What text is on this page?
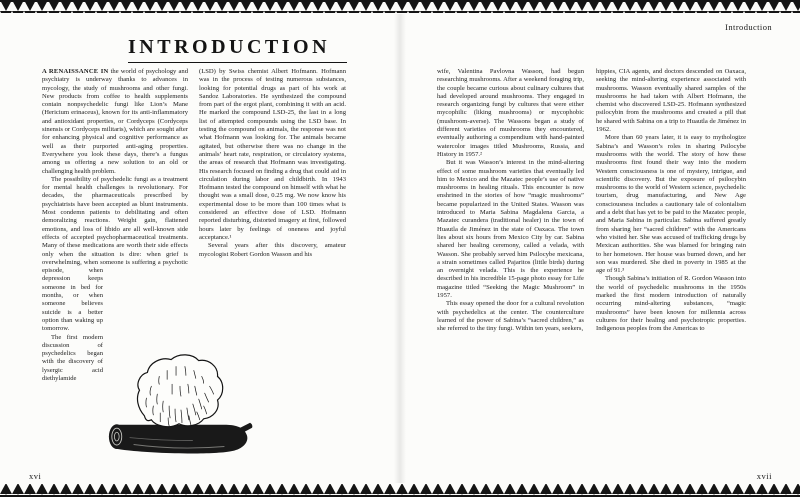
Introduction
INTRODUCTION

A RENAISSANCE IN the world of psychology and psychiatry is underway thanks to advances in mycology, the study of mushrooms and other fungi. New products from coffee to health supplements contain nonpsychedelic fungi like Lion’s Mane (Hericium erinaceus), known for its anti-inflammatory and antioxidant properties, or Cordyceps (Cordyceps sinensis or Cordyceps militaris), which are sought after for enhancing physical and cognitive performance as well as their purported anti-aging properties. Everywhere you look these days, there’s a fungus among us offering a new solution to an old or challenging health problem.

The possibility of psychedelic fungi as a treatment for mental health challenges is revolutionary. For decades, the pharmaceuticals prescribed by psychiatrists have been accepted as blunt instruments. Most condemn patients to debilitating and often demoralizing reactions. Weight gain, flattened emotions, and loss of libido are all well-known side effects of accepted psychopharmaceutical treatments. Many of these medications are worth their side effects only when the situation is dire: when grief is overwhelming, when someone is suffering a psychotic episode,	when depression keeps someone in bed for months, or when someone believes suicide is a better option than waking up tomorrow.

The first modern discussion of psychedelics began with the discovery of lysergic acid diethylamide

(LSD) by Swiss chemist Albert Hofmann. Hofmann was in the process of testing numerous substances, looking for potential drugs as part of his work at Sandoz Laboratories. He synthesized the compound from part of the ergot plant, combining it with an acid. He marked the compound LSD-25, the last in a long list of attempted compounds using the LSD base. In testing the compound on animals, the response was not what Hofmann was looking for. The animals became agitated, but otherwise there was no change in the animals’ heart rate, respiration, or circulatory systems, the areas of research that Hofmann was investigating. His research focused on finding a drug that could aid in circulation during labor and childbirth. In 1943 Hofmann tested the compound on himself with what he thought was a small dose, 0.25 mg. We now know his experimental dose to be more than 100 times what is considered an effective dose of LSD. Hofmann reported disturbing, distorted imagery at first, followed hours later by feelings of oneness and joyful acceptance.¹

Several years after this discovery, amateur mycologist Robert Gordon Wasson and his

xvi

wife, Valentina Pavlovna Wasson, had begun researching mushrooms. After a weekend foraging trip, the couple became curious about culinary cultures that had developed around mushrooms. They engaged in research organizing fungi by cultures that were either mycophilic (liking mushrooms) or mycophobic (mushroom-averse). The Wassons began a study of different varieties of mushrooms they encountered, eventually authoring a compendium with hand-painted watercolor images titled Mushrooms, Russia, and History in 1957.²

But it was Wasson’s interest in the mind-altering effect of some mushroom varieties that eventually led him to Mexico and the Mazatec people’s use of native mushrooms in healing rituals. This encounter is now enshrined in the stories of how “magic mushrooms” became popularized in the United States. Wasson was introduced to Maria Sabina Magdalena Garcia, a Mazatec curandera (traditional healer) in the town of Huautla de Jiménez in the state of Oaxaca. The town lies about six hours from Mexico City by car. Sabina shared her healing ceremony, called a velada, with Wasson. She probably served him Psilocybe mexicana, a strain sometimes called Pajaritos (little birds) during an overnight velada. This is the experience he described in his incredible 15-page photo essay for Life magazine titled “Seeking the Magic Mushroom” in 1957.

This essay opened the door for a cultural revolution with psychedelics at the center. The counterculture learned of the power of Sabina’s “sacred children,” as she referred to the tiny fungi. Within ten years, seekers,

hippies, CIA agents, and doctors descended on Oaxaca, seeking the mind-altering experience associated with mushrooms. Wasson eventually shared samples of the mushrooms he had taken with Albert Hofmann, the chemist who discovered LSD-25. Hofmann synthesized psilocybin from the mushrooms and created a pill that he shared with Sabina on a trip to Huautla de Jiménez in 1962.

More than 60 years later, it is easy to mythologize Sabina’s and Wasson’s roles in sharing Psilocybe mushrooms with the world. The story of how these mushrooms first found their way into the modern Western consciousness is one of mystery, intrigue, and scientific discovery. But the exposure of psilocybin mushrooms to the world of Western science, psychedelic tourism, drug manufacturing, and New Age consciousness includes a cautionary tale of colonialism and a debt that has yet to be paid to the Mazatec people, and Maria Sabina in particular. Sabina suffered greatly from sharing her “sacred children” with the Americans who visited her. She was accused of trafficking drugs by Mexican authorities. She was blamed for bringing rain to her hometown. Her house was burned down, and her son was murdered. She died in poverty in 1985 at the age of 91.³

Though Sabina’s initiation of R. Gordon Wasson into the world of psychedelic mushrooms in the 1950s marked the first modern introduction of naturally occurring mind-altering substances, “magic mushrooms” have been known for millennia across cultures for their healing and psychotropic properties. Indigenous peoples from the Americas to

xvii
